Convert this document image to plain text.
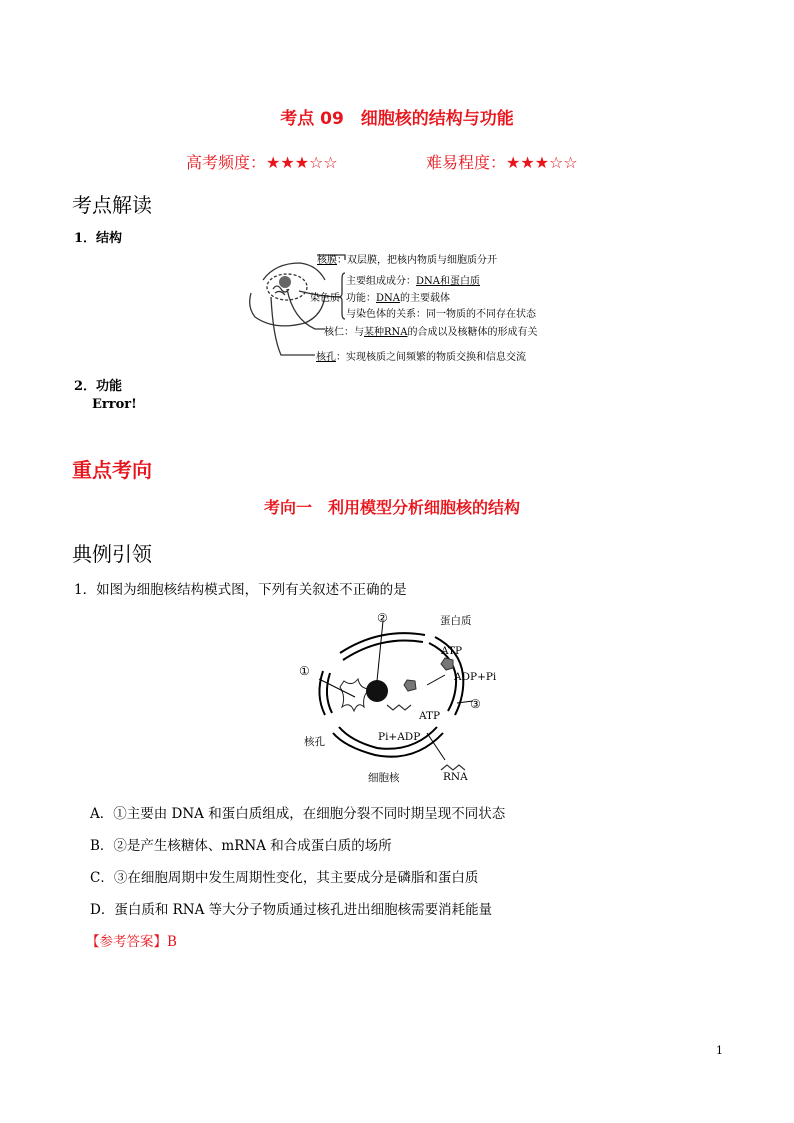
考点 09　细胞核的结构与功能
高考频度：★★★☆☆	难易程度：★★★☆☆
考点解读
1．结构
核膜：双层膜，把核内物质与细胞质分开
主要组成成分：DNA和蛋白质
染色质 功能：DNA的主要载体
与染色体的关系：同一物质的不同存在状态
核仁：与某种RNA的合成以及核糖体的形成有关
核孔：实现核质之间频繁的物质交换和信息交流
2．功能
Error!
重点考向
考向一　利用模型分析细胞核的结构
典例引领
1．如图为细胞核结构模式图，下列有关叙述不正确的是
②	蛋白质
ATP
①	ADP+Pi
③
ATP
Pi+ADP
核孔
细胞核	RNA
A．①主要由 DNA 和蛋白质组成，在细胞分裂不同时期呈现不同状态
B．②是产生核糖体、mRNA 和合成蛋白质的场所
C．③在细胞周期中发生周期性变化，其主要成分是磷脂和蛋白质
D．蛋白质和 RNA 等大分子物质通过核孔进出细胞核需要消耗能量
【参考答案】B
1
